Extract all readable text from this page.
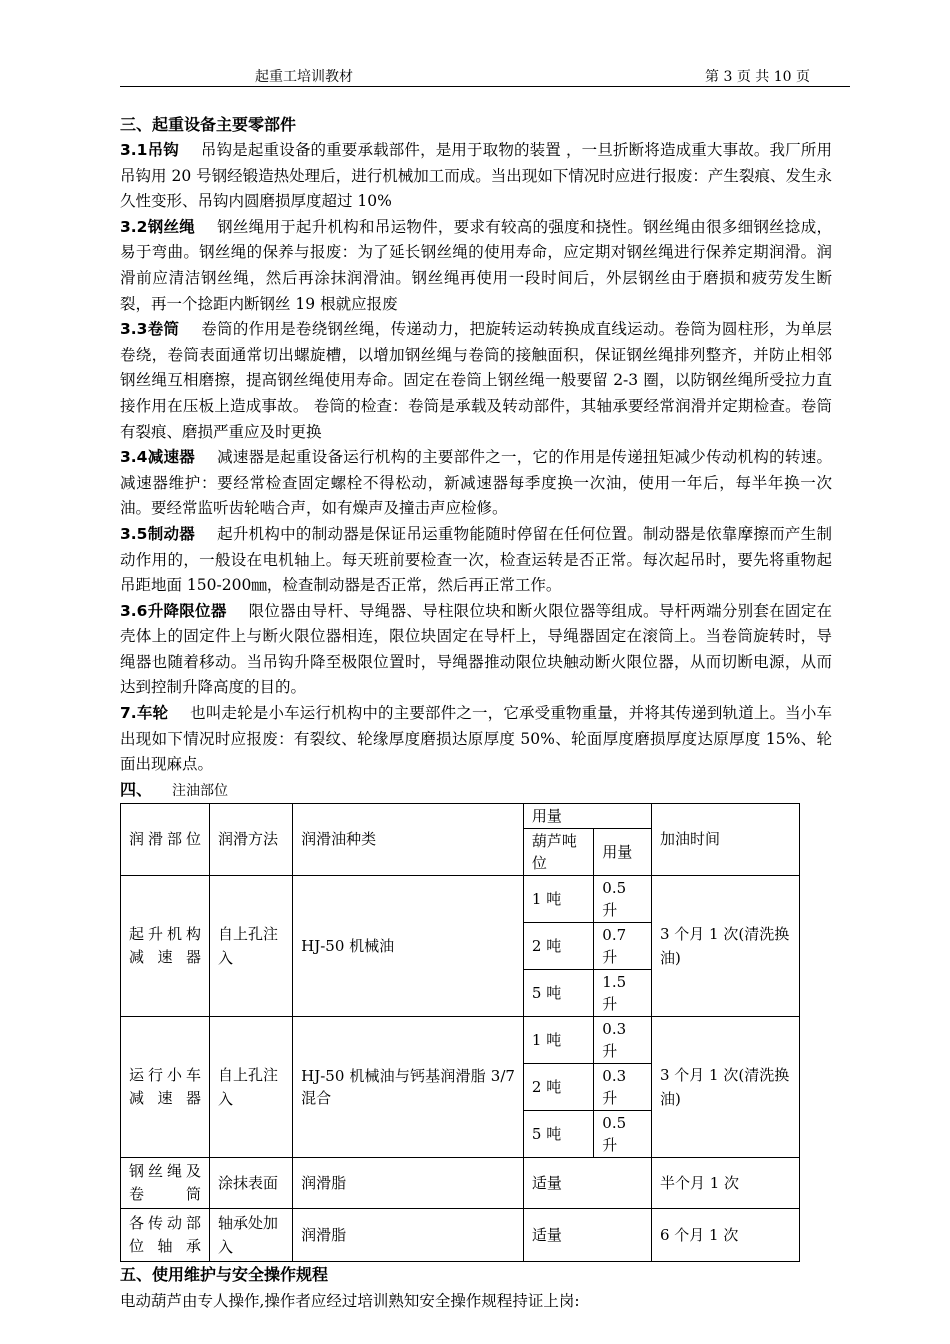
起重工培训教材	第 3 页 共 10 页

三、起重设备主要零部件

3.1吊钩 吊钩是起重设备的重要承载部件，是用于取物的装置 ，一旦折断将造成重大事故。我厂所用吊钩用 20 号钢经锻造热处理后，进行机械加工而成。当出现如下情况时应进行报废：产生裂痕、发生永久性变形、吊钩内圆磨损厚度超过 10%

3.2钢丝绳 钢丝绳用于起升机构和吊运物件，要求有较高的强度和挠性。钢丝绳由很多细钢丝捻成，易于弯曲。钢丝绳的保养与报废：为了延长钢丝绳的使用寿命，应定期对钢丝绳进行保养定期润滑。润滑前应清洁钢丝绳，然后再涂抹润滑油。钢丝绳再使用一段时间后，外层钢丝由于磨损和疲劳发生断裂，再一个捻距内断钢丝 19 根就应报废

3.3卷筒 卷筒的作用是卷绕钢丝绳，传递动力，把旋转运动转换成直线运动。卷筒为圆柱形，为单层卷绕，卷筒表面通常切出螺旋槽，以增加钢丝绳与卷筒的接触面积，保证钢丝绳排列整齐，并防止相邻钢丝绳互相磨擦，提高钢丝绳使用寿命。固定在卷筒上钢丝绳一般要留 2-3 圈，以防钢丝绳所受拉力直接作用在压板上造成事故。 卷筒的检查：卷筒是承载及转动部件，其轴承要经常润滑并定期检查。卷筒有裂痕、磨损严重应及时更换

3.4减速器 减速器是起重设备运行机构的主要部件之一，它的作用是传递扭矩减少传动机构的转速。减速器维护：要经常检查固定螺栓不得松动，新减速器每季度换一次油，使用一年后，每半年换一次油。要经常监听齿轮啮合声，如有燥声及撞击声应检修。

3.5制动器 起升机构中的制动器是保证吊运重物能随时停留在任何位置。制动器是依靠摩擦而产生制动作用的，一般设在电机轴上。每天班前要检查一次，检查运转是否正常。每次起吊时，要先将重物起吊距地面 150-200㎜，检查制动器是否正常，然后再正常工作。

3.6升降限位器 限位器由导杆、导绳器、导柱限位块和断火限位器等组成。导杆两端分别套在固定在壳体上的固定件上与断火限位器相连，限位块固定在导杆上，导绳器固定在滚筒上。当卷筒旋转时，导绳器也随着移动。当吊钩升降至极限位置时，导绳器推动限位块触动断火限位器，从而切断电源，从而达到控制升降高度的目的。

7.车轮 也叫走轮是小车运行机构中的主要部件之一，它承受重物重量，并将其传递到轨道上。当小车出现如下情况时应报废：有裂纹、轮缘厚度磨损达原厚度 50%、轮面厚度磨损厚度达原厚度 15%、轮面出现麻点。

四、 注油部位

润滑部位	润滑方法	润滑油种类	用量		加油时间
			葫芦吨位	用量	
起升机构减速器	自上孔注入	HJ-50 机械油	1 吨	0.5 升	3 个月 1 次(清洗换油)
			2 吨	0.7 升	
			5 吨	1.5 升	
运行小车减速器	自上孔注入	HJ-50 机械油与钙基润滑脂 3/7 混合	1 吨	0.3 升	3 个月 1 次(清洗换油)
			2 吨	0.3 升	
			5 吨	0.5 升	
钢丝绳及卷筒	涂抹表面	润滑脂	适量		半个月 1 次
各传动部位轴承	轴承处加入	润滑脂	适量		6 个月 1 次

五、使用维护与安全操作规程

电动葫芦由专人操作,操作者应经过培训熟知安全操作规程持证上岗:
